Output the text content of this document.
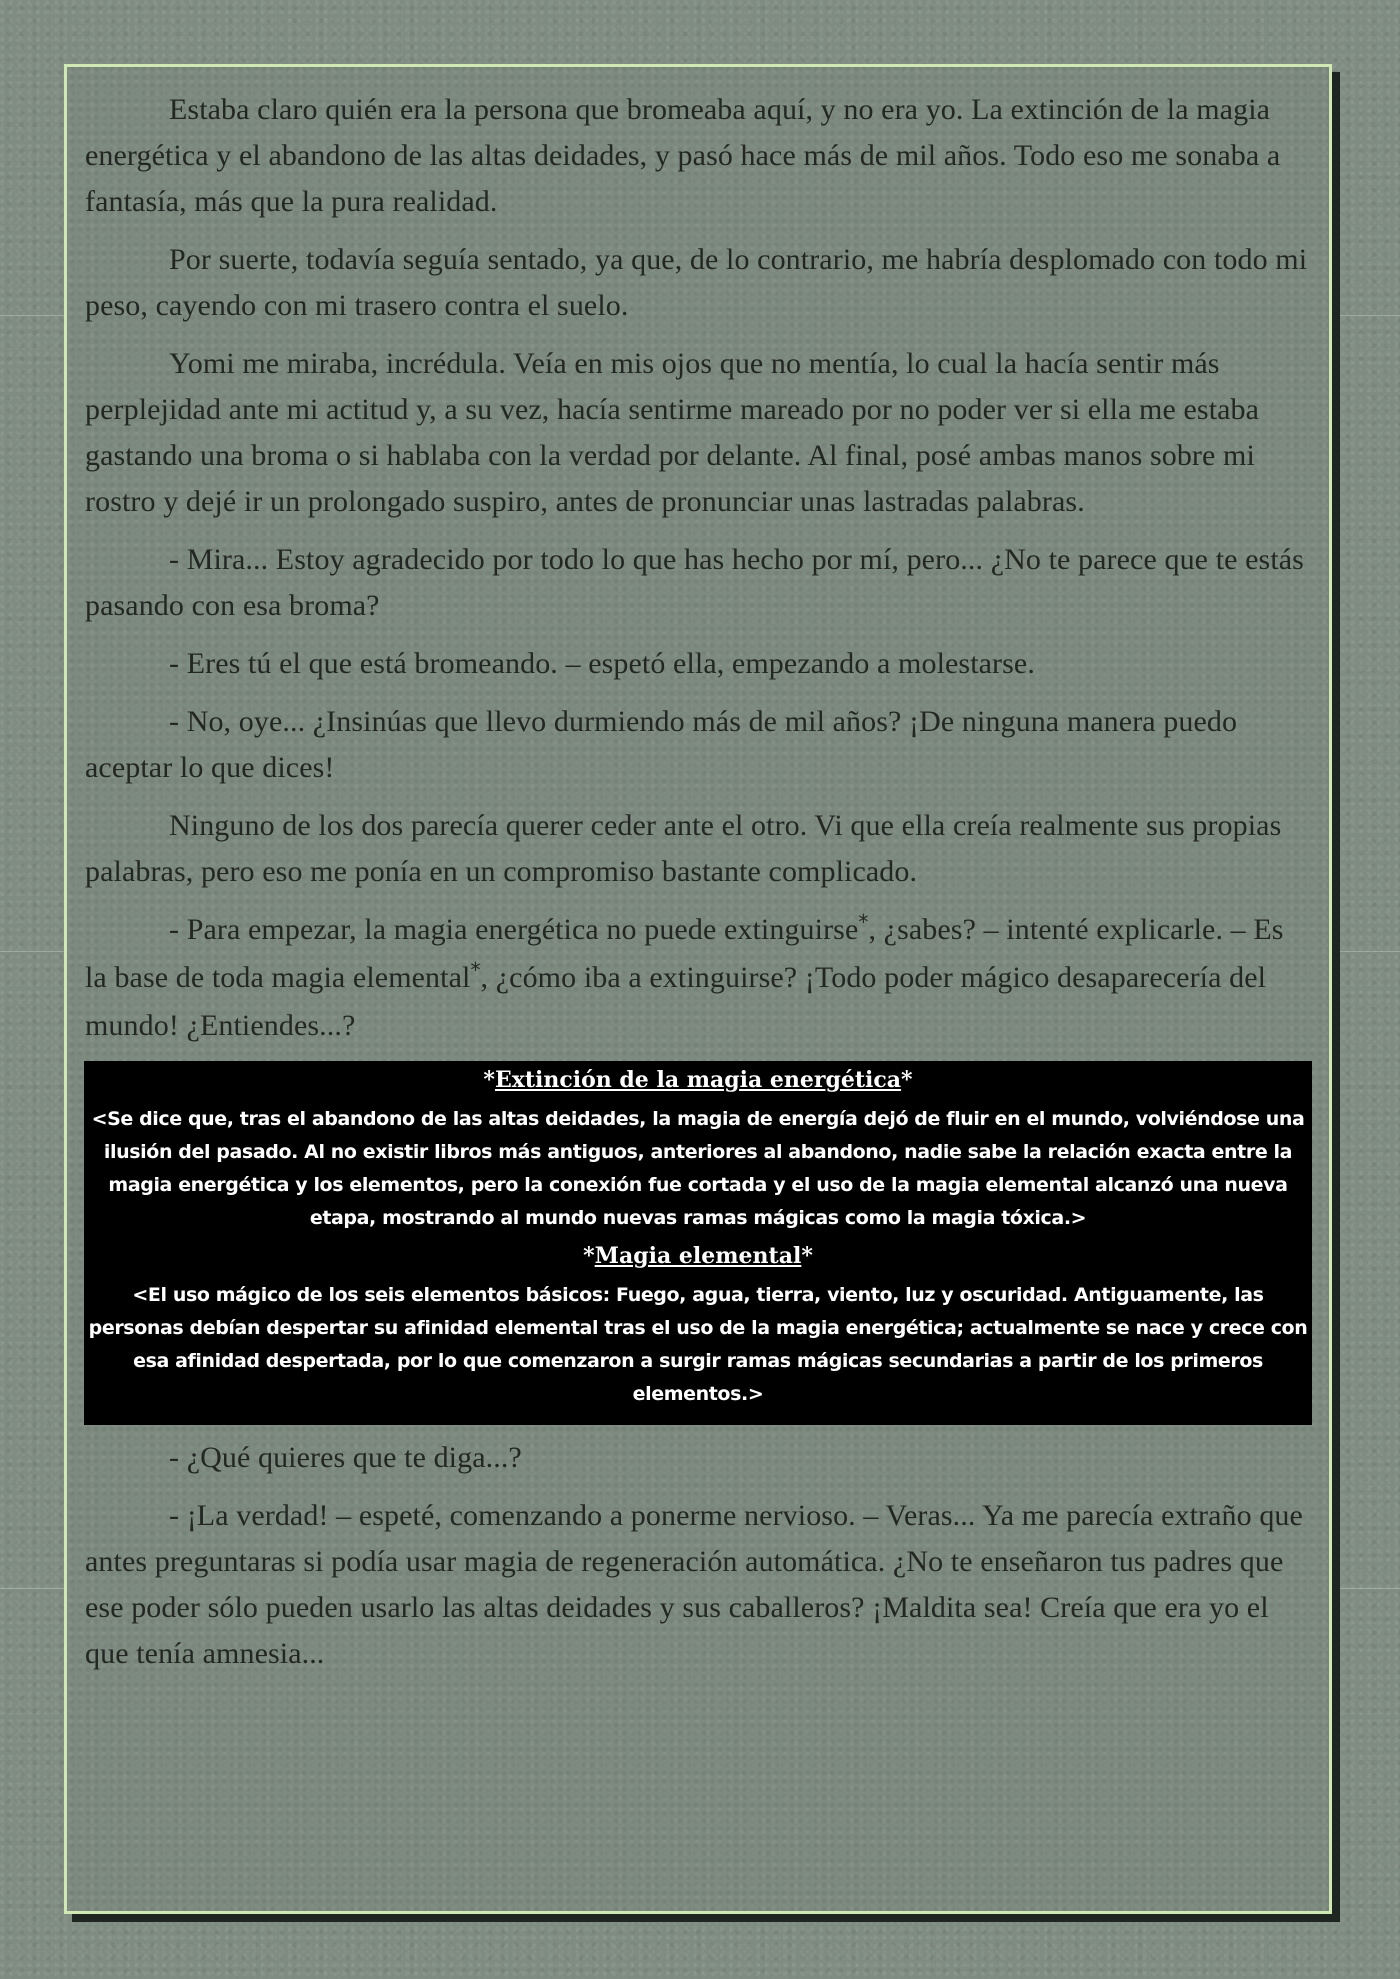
Estaba claro quién era la persona que bromeaba aquí, y no era yo. La extinción de la magia energética y el abandono de las altas deidades, y pasó hace más de mil años. Todo eso me sonaba a fantasía, más que la pura realidad.

Por suerte, todavía seguía sentado, ya que, de lo contrario, me habría desplomado con todo mi peso, cayendo con mi trasero contra el suelo.

Yomi me miraba, incrédula. Veía en mis ojos que no mentía, lo cual la hacía sentir más perplejidad ante mi actitud y, a su vez, hacía sentirme mareado por no poder ver si ella me estaba gastando una broma o si hablaba con la verdad por delante. Al final, posé ambas manos sobre mi rostro y dejé ir un prolongado suspiro, antes de pronunciar unas lastradas palabras.

- Mira... Estoy agradecido por todo lo que has hecho por mí, pero... ¿No te parece que te estás pasando con esa broma?

- Eres tú el que está bromeando. – espetó ella, empezando a molestarse.

- No, oye... ¿Insinúas que llevo durmiendo más de mil años? ¡De ninguna manera puedo aceptar lo que dices!

Ninguno de los dos parecía querer ceder ante el otro. Vi que ella creía realmente sus propias palabras, pero eso me ponía en un compromiso bastante complicado.

- Para empezar, la magia energética no puede extinguirse*, ¿sabes? – intenté explicarle. – Es la base de toda magia elemental*, ¿cómo iba a extinguirse? ¡Todo poder mágico desaparecería del mundo! ¿Entiendes...?

*Extinción de la magia energética*

<Se dice que, tras el abandono de las altas deidades, la magia de energía dejó de fluir en el mundo, volviéndose una ilusión del pasado. Al no existir libros más antiguos, anteriores al abandono, nadie sabe la relación exacta entre la magia energética y los elementos, pero la conexión fue cortada y el uso de la magia elemental alcanzó una nueva etapa, mostrando al mundo nuevas ramas mágicas como la magia tóxica.>

*Magia elemental*

<El uso mágico de los seis elementos básicos: Fuego, agua, tierra, viento, luz y oscuridad. Antiguamente, las personas debían despertar su afinidad elemental tras el uso de la magia energética; actualmente se nace y crece con esa afinidad despertada, por lo que comenzaron a surgir ramas mágicas secundarias a partir de los primeros elementos.>

- ¿Qué quieres que te diga...?

- ¡La verdad! – espeté, comenzando a ponerme nervioso. – Veras... Ya me parecía extraño que antes preguntaras si podía usar magia de regeneración automática. ¿No te enseñaron tus padres que ese poder sólo pueden usarlo las altas deidades y sus caballeros? ¡Maldita sea! Creía que era yo el que tenía amnesia...
